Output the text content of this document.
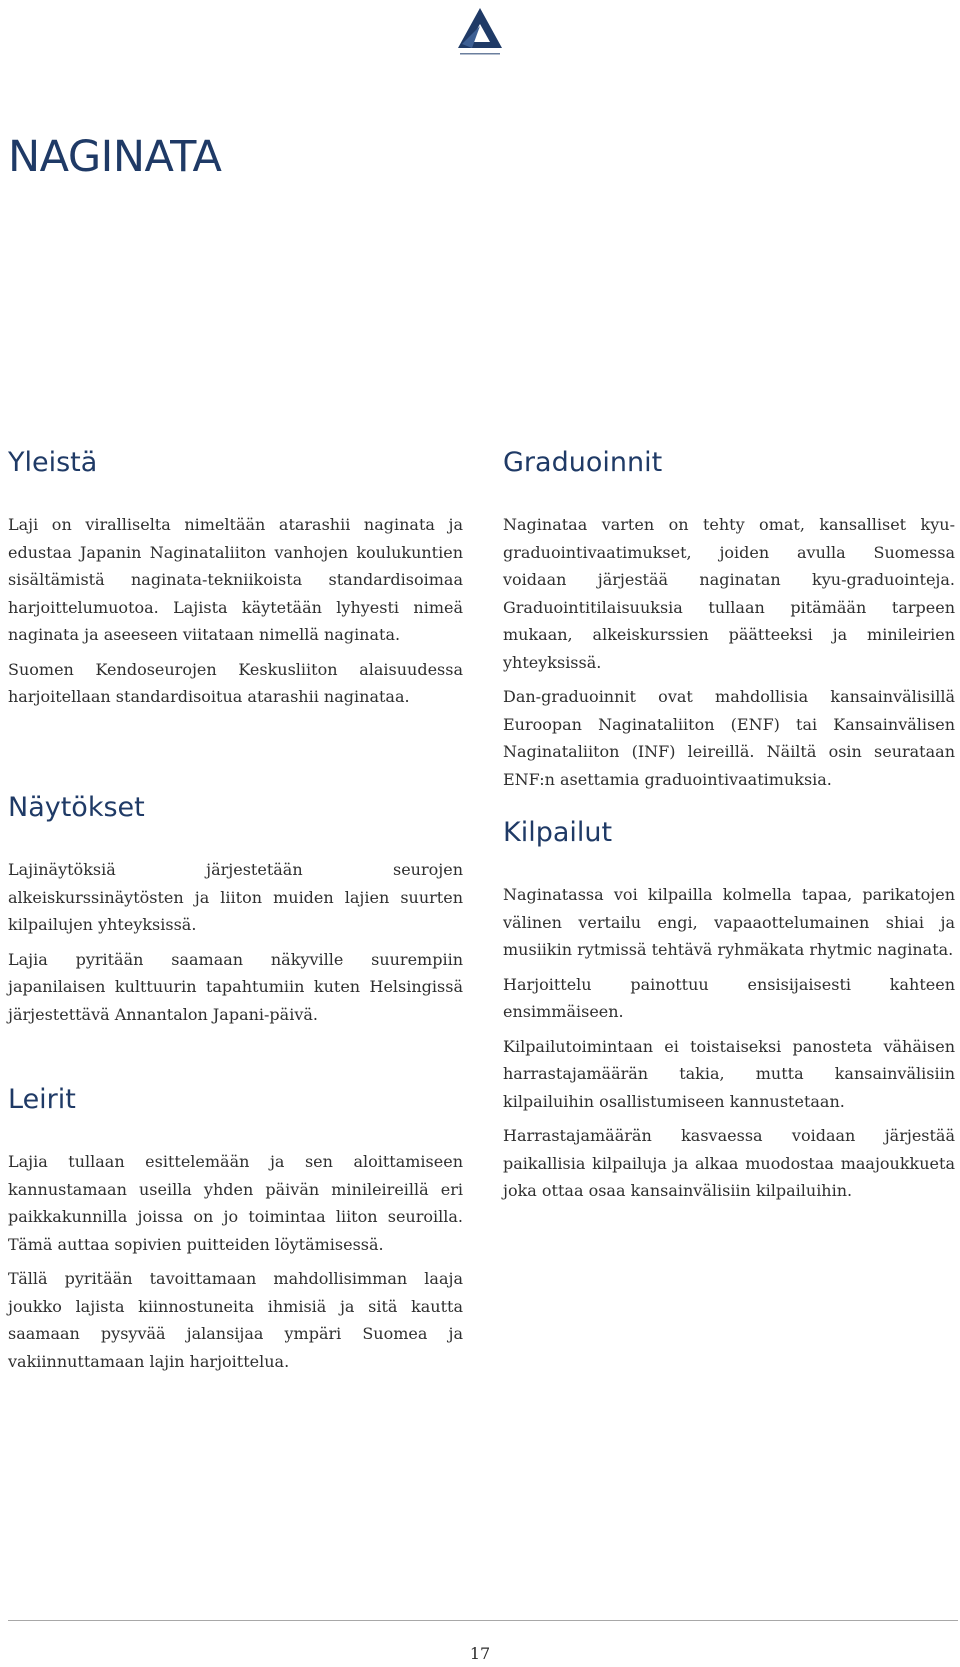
NAGINATA
Yleistä

Laji on viralliselta nimeltään atarashii naginata ja edustaa Japanin Naginataliiton vanhojen koulukuntien sisältämistä naginata-tekniikoista standardisoimaa harjoittelumuotoa. Lajista käytetään lyhyesti nimeä naginata ja aseeseen viitataan nimellä naginata.

Suomen Kendoseurojen Keskusliiton alaisuudessa harjoitellaan standardisoitua atarashii naginataa.

Näytökset

Lajinäytöksiä järjestetään seurojen alkeiskurssinäytösten ja liiton muiden lajien suurten kilpailujen yhteyksissä.

Lajia pyritään saamaan näkyville suurempiin japanilaisen kulttuurin tapahtumiin kuten Helsingissä järjestettävä Annantalon Japani-päivä.

Leirit

Lajia tullaan esittelemään ja sen aloittamiseen kannustamaan useilla yhden päivän minileireillä eri paikkakunnilla joissa on jo toimintaa liiton seuroilla. Tämä auttaa sopivien puitteiden löytämisessä.

Tällä pyritään tavoittamaan mahdollisimman laaja joukko lajista kiinnostuneita ihmisiä ja sitä kautta saamaan pysyvää jalansijaa ympäri Suomea ja vakiinnuttamaan lajin harjoittelua.

Graduoinnit

Naginataa varten on tehty omat, kansalliset kyu-graduointivaatimukset, joiden avulla Suomessa voidaan järjestää naginatan kyu-graduointeja. Graduointitilaisuuksia tullaan pitämään tarpeen mukaan, alkeiskurssien päätteeksi ja minileirien yhteyksissä.

Dan-graduoinnit ovat mahdollisia kansainvälisillä Euroopan Naginataliiton (ENF) tai Kansainvälisen Naginataliiton (INF) leireillä. Näiltä osin seurataan ENF:n asettamia graduointivaatimuksia.

Kilpailut

Naginatassa voi kilpailla kolmella tapaa, parikatojen välinen vertailu engi, vapaaottelumainen shiai ja musiikin rytmissä tehtävä ryhmäkata rhytmic naginata.

Harjoittelu painottuu ensisijaisesti kahteen ensimmäiseen.

Kilpailutoimintaan ei toistaiseksi panosteta vähäisen harrastajamäärän takia, mutta kansainvälisiin kilpailuihin osallistumiseen kannustetaan.

Harrastajamäärän kasvaessa voidaan järjestää paikallisia kilpailuja ja alkaa muodostaa maajoukkueta joka ottaa osaa kansainvälisiin kilpailuihin.

17
